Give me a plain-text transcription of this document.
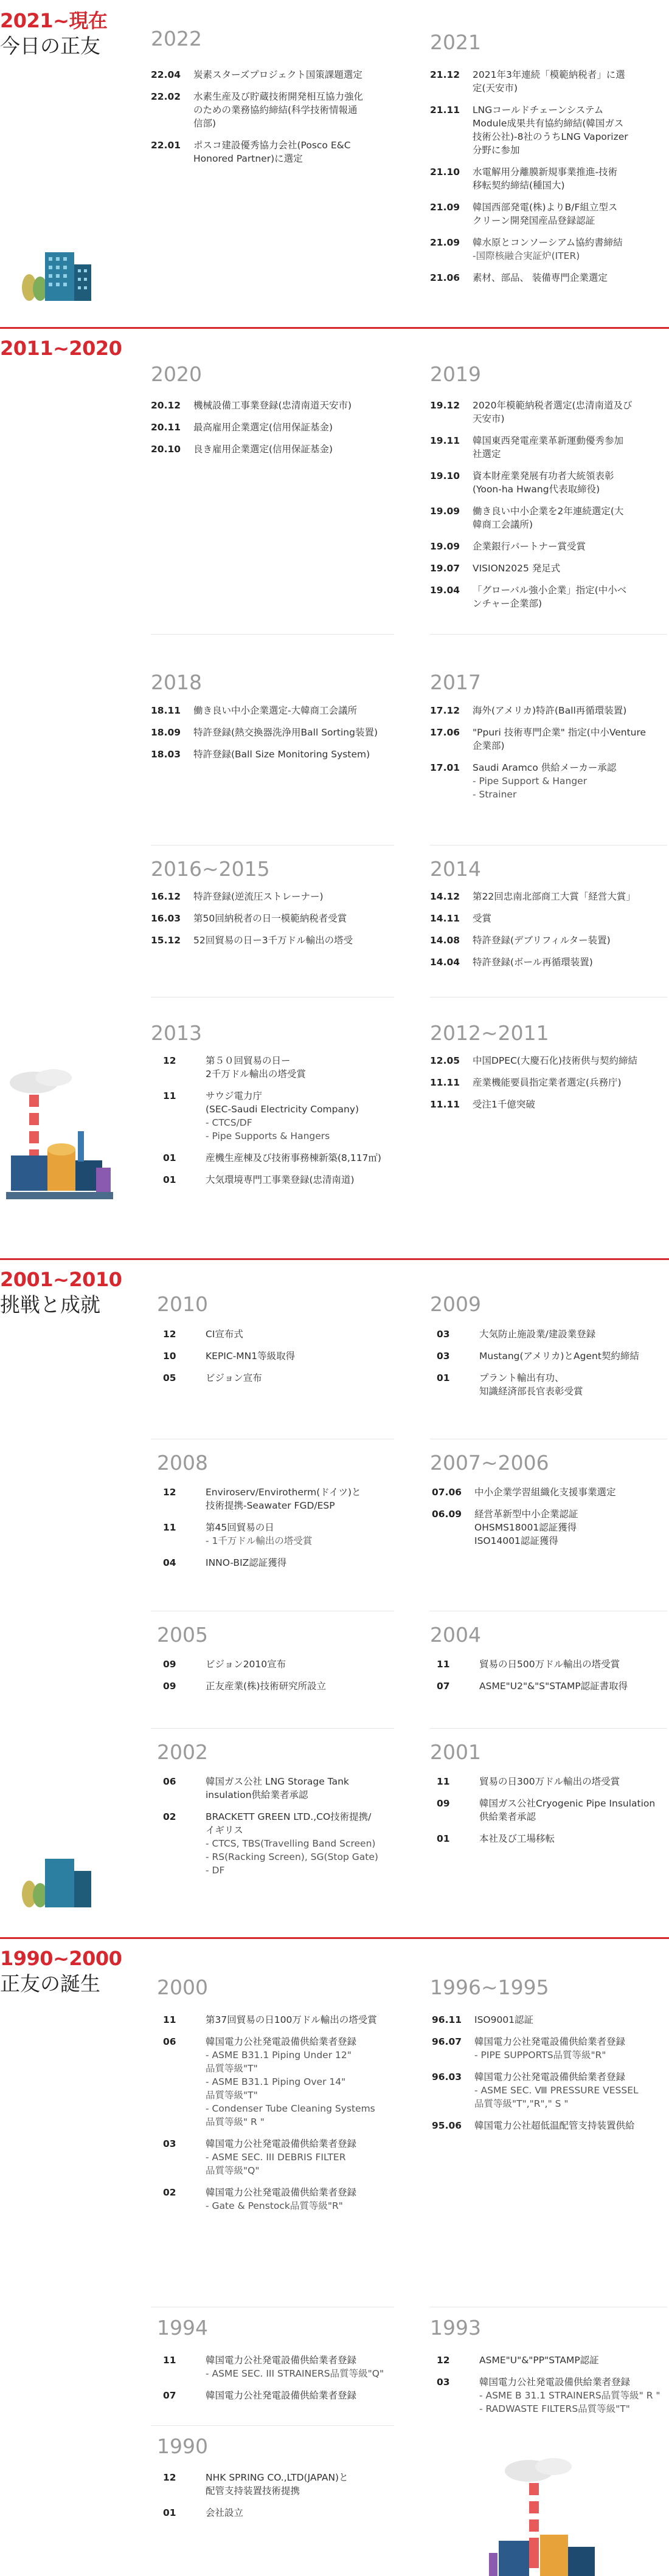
2021~現在
今日の正友	2022
22.04	炭素スターズプロジェクト国策課題選定
22.02	水素生産及び貯蔵技術開発相互協力強化
のための業務協約締結(科学技術情報通
信部)
22.01	ポスコ建設優秀協力会社(Posco E&C
Honored Partner)に選定
2021
21.12	2021年3年連続「模範納税者」に選
定(天安市)
21.11	LNGコールドチェーンシステム
Module成果共有協約締結(韓国ガス
技術公社)-8社のうちLNG Vaporizer
分野に参加
21.10	水電解用分離膜新規事業推進-技術
移転契約締結(種国大)
21.09	韓国西部発電(株)よりB/F組立型ス
クリーン開発国産品登録認証
21.09	韓水原とコンソーシアム協約書締結
-国際核融合実証炉(ITER)
21.06	素材、部品、 装備専門企業選定
2011~2020
2020
20.12	機械設備工事業登録(忠清南道天安市)
20.11	最高雇用企業選定(信用保証基金)
20.10	良き雇用企業選定(信用保証基金)
2019
19.12	2020年模範納税者選定(忠清南道及び
天安市)
19.11	韓国東西発電産業革新運動優秀参加
社選定
19.10	資本財産業発展有功者大統領表彰
(Yoon-ha Hwang代表取締役)
19.09	働き良い中小企業を2年連続選定(大
韓商工会議所)
19.09	企業銀行パートナー賞受賞
19.07	VISION2025 発足式
19.04	「グローバル強小企業」指定(中小ベ
ンチャー企業部)
2018
18.11	働き良い中小企業選定-大韓商工会議所
18.09	特許登録(熱交換器洗浄用Ball Sorting装置)
18.03	特許登録(Ball Size Monitoring System)
2017
17.12	海外(アメリカ)特許(Ball再循環装置)
17.06	"Ppuri 技術専門企業" 指定(中小Venture
企業部)
17.01	Saudi Aramco 供給メーカー承認
- Pipe Support & Hanger
- Strainer
2016~2015
16.12	特許登録(逆流圧ストレーナー)
16.03	第50回納税者の日一模範納税者受賞
15.12	52回貿易の日ー3千万ドル輸出の塔受
2014
14.12	第22回忠南北部商工大賞「経営大賞」
14.11	受賞
14.08	特許登録(デブリフィルター装置)
14.04	特許登録(ボール再循環装置)
2013
12	第５０回貿易の日ー
2千万ドル輸出の塔受賞
11	サウジ電力庁
(SEC-Saudi Electricity Company)
- CTCS/DF
- Pipe Supports & Hangers
01	産機生産棟及び技術事務棟新築(8,117㎡)
01	大気環境専門工事業登録(忠清南道)
2012~2011
12.05	中国DPEC(大慶石化)技術供与契約締結
11.11	産業機能要員指定業者選定(兵務庁)
11.11	受注1千億突破
2001~2010
挑戦と成就	2010
12	CI宣布式
10	KEPIC-MN1等級取得
05	ビジョン宣布
2009
03	大気防止施設業/建設業登録
03	Mustang(アメリカ)とAgent契約締結
01	プラント輸出有功、
知識経済部長官表彰受賞
2008
12	Enviroserv/Envirotherm(ドイツ)と
技術提携-Seawater FGD/ESP
11	第45回貿易の日
- 1千万ドル輸出の塔受賞
04	INNO-BIZ認証獲得
2007~2006
07.06	中小企業学習組織化支援事業選定
06.09	経営革新型中小企業認証
OHSMS18001認証獲得
ISO14001認証獲得
2005
09	ビジョン2010宣布
09	正友産業(株)技術研究所設立
2004
11	貿易の日500万ドル輸出の塔受賞
07	ASME"U2"&"S"STAMP認証書取得
2002
06	韓国ガス公社 LNG Storage Tank
insulation供給業者承認
02	BRACKETT GREEN LTD.,CO技術提携/
イギリス
- CTCS, TBS(Travelling Band Screen)
- RS(Racking Screen), SG(Stop Gate)
- DF
2001
11	貿易の日300万ドル輸出の塔受賞
09	韓国ガス公社Cryogenic Pipe Insulation
供給業者承認
01	本社及び工場移転
1990~2000
正友の誕生	2000
11	第37回貿易の日100万ドル輸出の塔受賞
06	韓国電力公社発電設備供給業者登録
- ASME B31.1 Piping Under 12"
品質等級"T"
- ASME B31.1 Piping Over 14"
品質等級"T"
- Condenser Tube Cleaning Systems
品質等級" R "
03	韓国電力公社発電設備供給業者登録
- ASME SEC. III DEBRIS FILTER
品質等級"Q"
02	韓国電力公社発電設備供給業者登録
- Gate & Penstock品質等級"R"
1996~1995
96.11	ISO9001認証
96.07	韓国電力公社発電設備供給業者登録
- PIPE SUPPORTS品質等級"R"
96.03	韓国電力公社発電設備供給業者登録
- ASME SEC. Ⅷ PRESSURE VESSEL
品質等級"T","R"," S "
95.06	韓国電力公社超低温配管支持装置供給
1994
11	韓国電力公社発電設備供給業者登録
- ASME SEC. III STRAINERS品質等級"Q"
07	韓国電力公社発電設備供給業者登録
1993
12	ASME"U"&"PP"STAMP認証
03	韓国電力公社発電設備供給業者登録
- ASME B 31.1 STRAINERS品質等級" R "
- RADWASTE FILTERS品質等級"T"
1990
12	NHK SPRING CO.,LTD(JAPAN)と
配管支持装置技術提携
01	会社設立
